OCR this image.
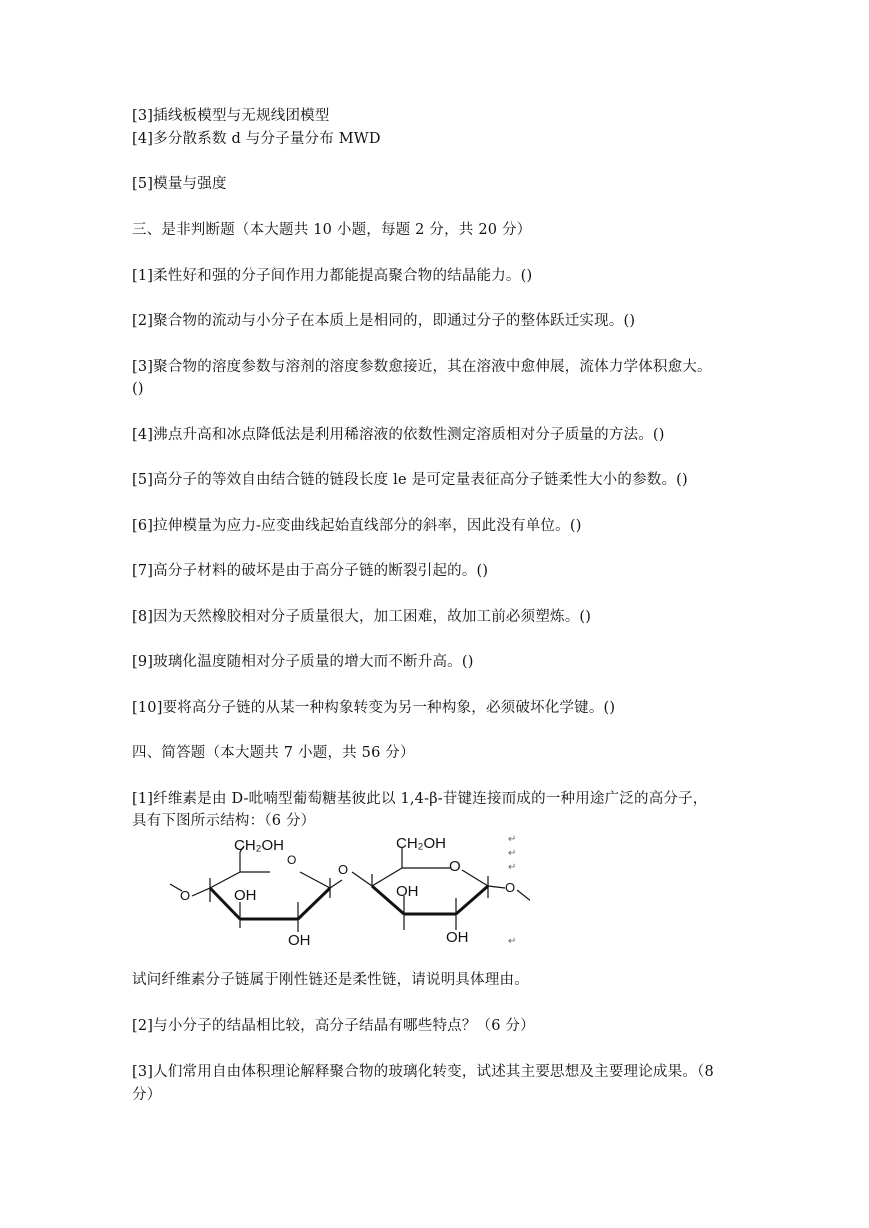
[3]插线板模型与无规线团模型
[4]多分散系数 d 与分子量分布 MWD
[5]模量与强度
三、是非判断题（本大题共 10 小题，每题 2 分，共 20 分）
[1]柔性好和强的分子间作用力都能提高聚合物的结晶能力。()
[2]聚合物的流动与小分子在本质上是相同的，即通过分子的整体跃迁实现。()
[3]聚合物的溶度参数与溶剂的溶度参数愈接近，其在溶液中愈伸展，流体力学体积愈大。
()
[4]沸点升高和冰点降低法是利用稀溶液的依数性测定溶质相对分子质量的方法。()
[5]高分子的等效自由结合链的链段长度 le 是可定量表征高分子链柔性大小的参数。()
[6]拉伸模量为应力-应变曲线起始直线部分的斜率，因此没有单位。()
[7]高分子材料的破坏是由于高分子链的断裂引起的。()
[8]因为天然橡胶相对分子质量很大，加工困难，故加工前必须塑炼。()
[9]玻璃化温度随相对分子质量的增大而不断升高。()
[10]要将高分子链的从某一种构象转变为另一种构象，必须破坏化学键。()
四、简答题（本大题共 7 小题，共 56 分）
[1]纤维素是由 D-吡喃型葡萄糖基彼此以 1,4-β-苷键连接而成的一种用途广泛的高分子，
具有下图所示结构：（6 分）
CH₂OH
O
OH
OH
O
O
CH₂OH
O
OH
OH
O
↵
↵
↵
↵
试问纤维素分子链属于刚性链还是柔性链，请说明具体理由。
[2]与小分子的结晶相比较，高分子结晶有哪些特点？（6 分）
[3]人们常用自由体积理论解释聚合物的玻璃化转变，试述其主要思想及主要理论成果。（8
分）
